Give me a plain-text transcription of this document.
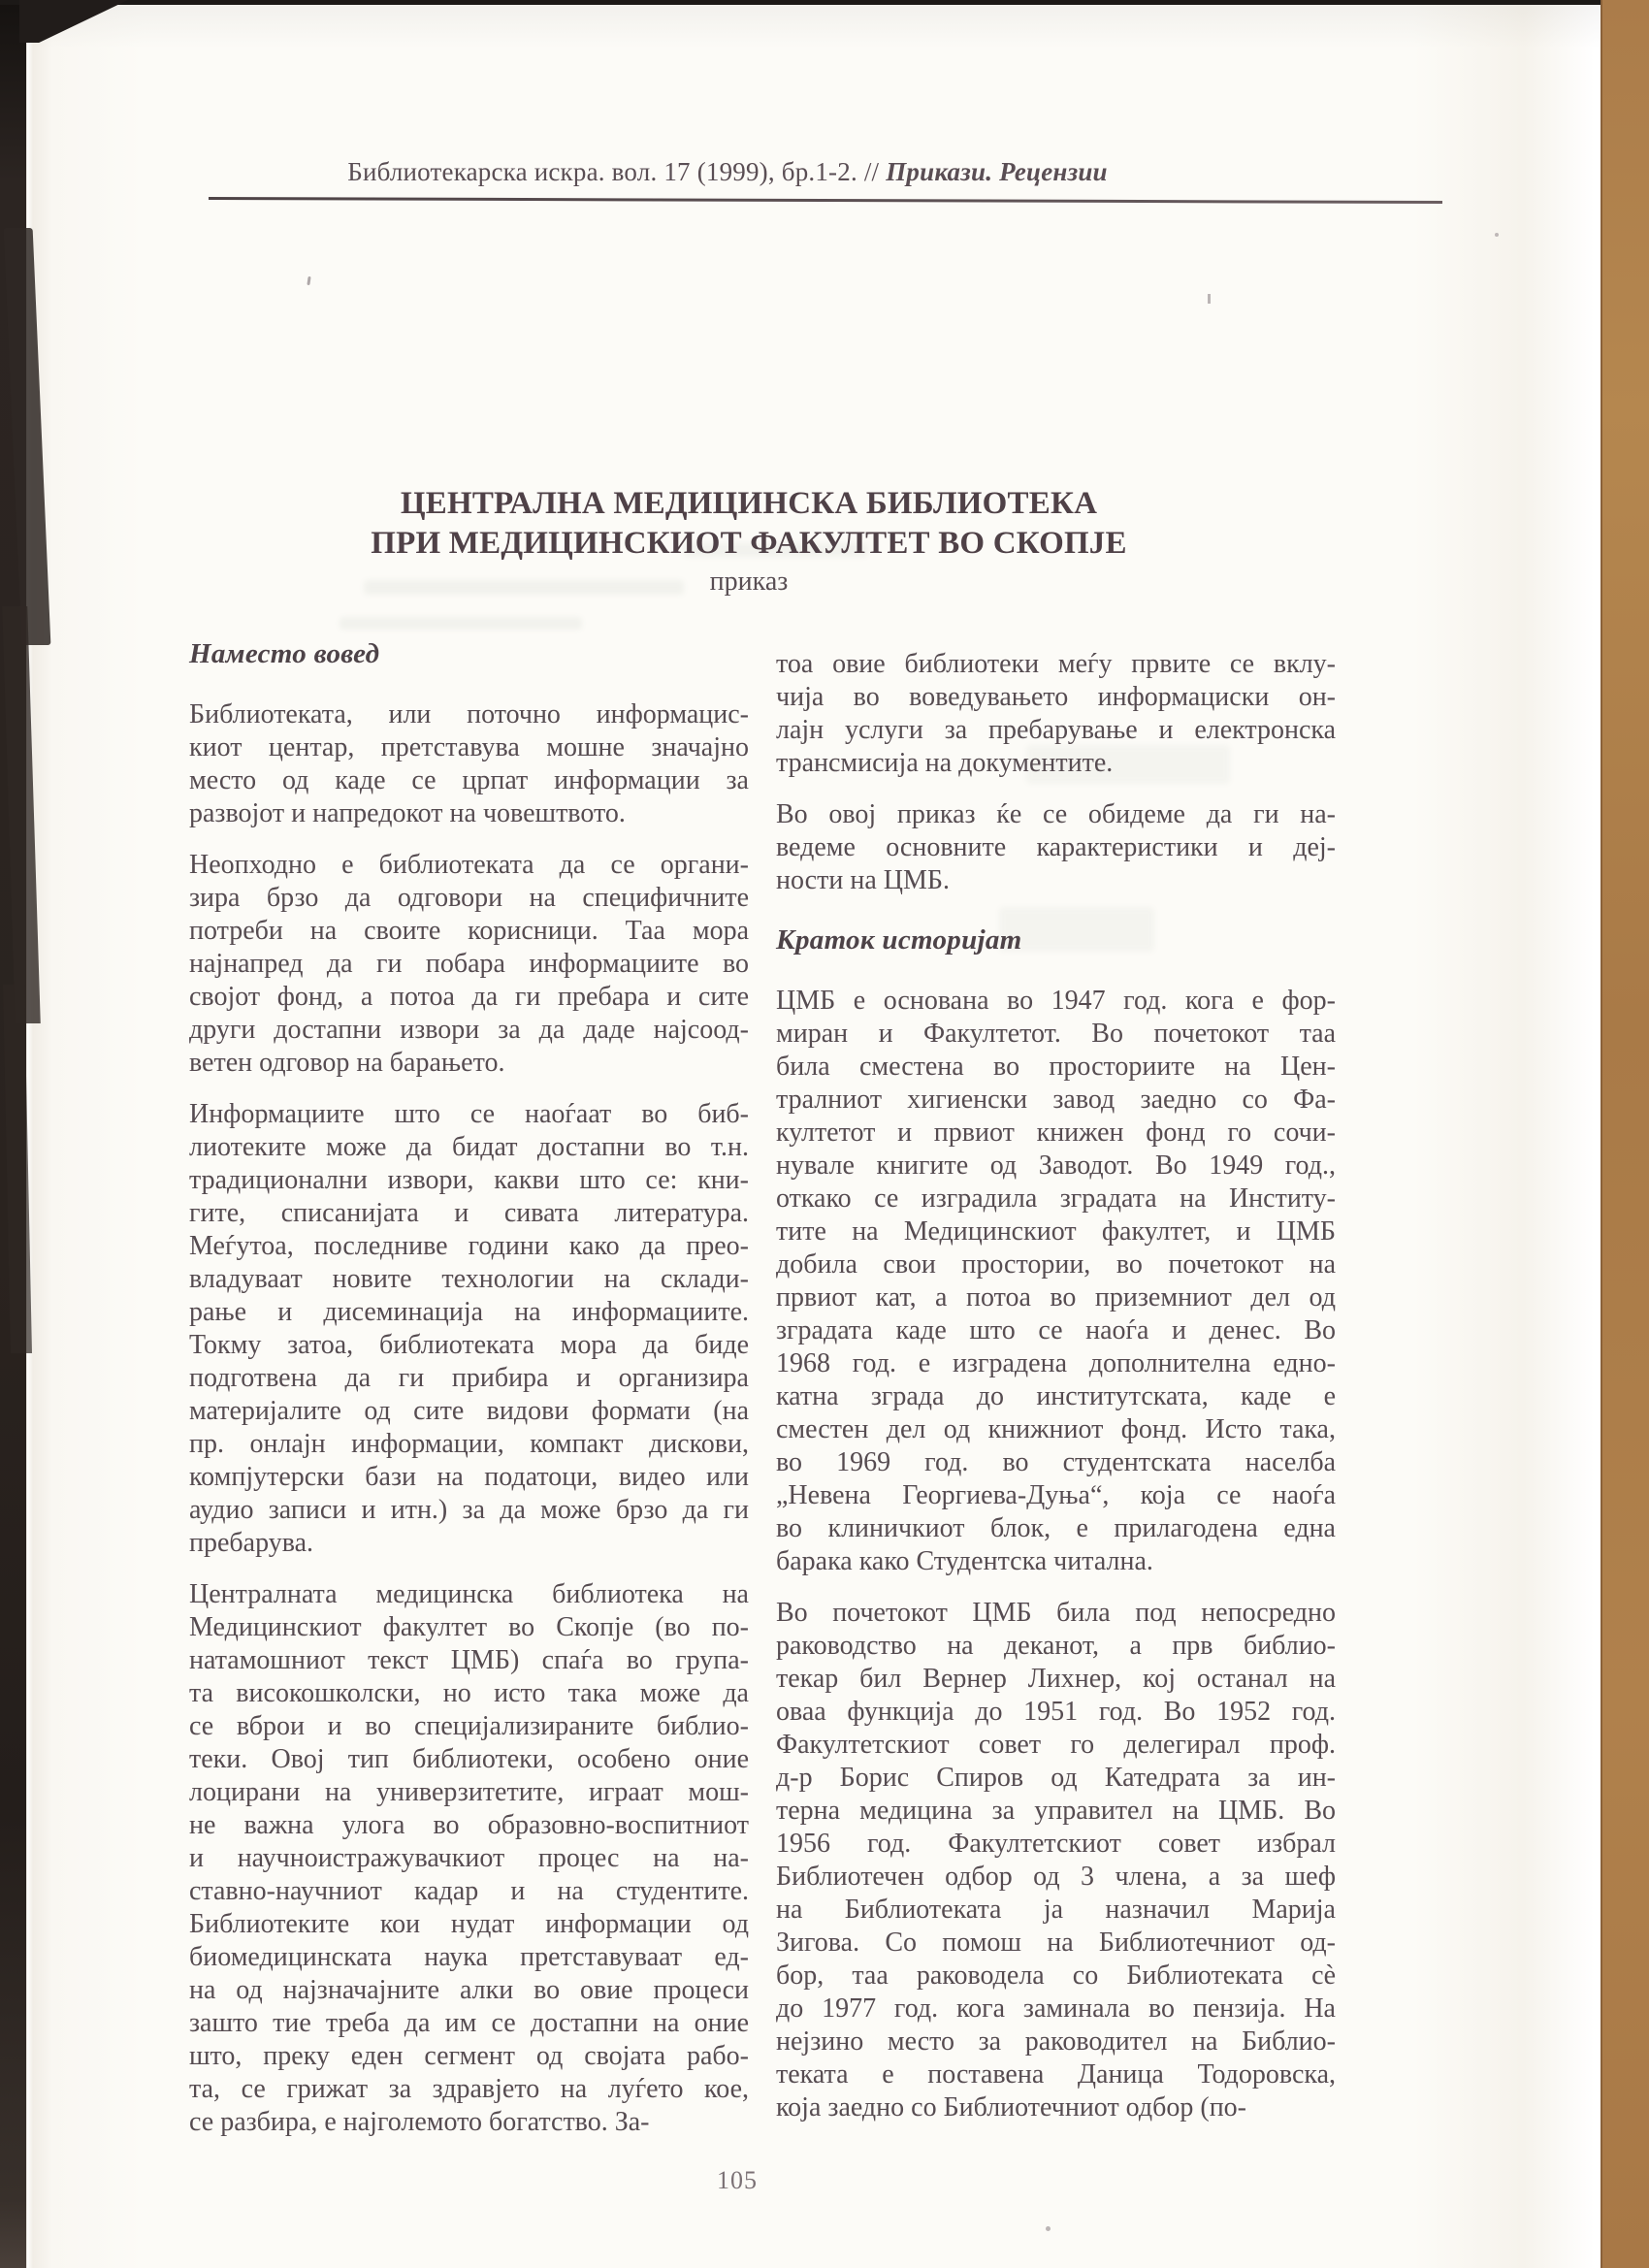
Библиотекарска искра. вол. 17 (1999), бр.1-2. // Прикази. Рецензии
ЦЕНТРАЛНА МЕДИЦИНСКА БИБЛИОТЕКА
ПРИ МЕДИЦИНСКИОТ ФАКУЛТЕТ ВО СКОПЈЕ
приказ
Наместо вовед
Библиотеката, или поточно информацис-
киот центар, претставува мошне значајно
место од каде се црпат информации за
развојот и напредокот на човештвото.
Неопходно е библиотеката да се органи-
зира брзо да одговори на специфичните
потреби на своите корисници. Таа мора
најнапред да ги побара информациите во
својот фонд, а потоа да ги пребара и сите
други достапни извори за да даде најсоод-
ветен одговор на барањето.
Информациите што се наоѓаат во биб-
лиотеките може да бидат достапни во т.н.
традиционални извори, какви што се: кни-
гите, списанијата и сивата литература.
Меѓутоа, последниве години како да прео-
владуваат новите технологии на склади-
рање и дисеминација на информациите.
Токму затоа, библиотеката мора да биде
подготвена да ги прибира и организира
материјалите од сите видови формати (на
пр. онлајн информации, компакт дискови,
компјутерски бази на податоци, видео или
аудио записи и итн.) за да може брзо да ги
пребарува.
Централната медицинска библиотека на
Медицинскиот факултет во Скопје (во по-
натамошниот текст ЦМБ) спаѓа во група-
та високошколски, но исто така може да
се вброи и во специјализираните библио-
теки. Овој тип библиотеки, особено оние
лоцирани на универзитетите, играат мош-
не важна улога во образовно-воспитниот
и научноистражувачкиот процес на на-
ставно-научниот кадар и на студентите.
Библиотеките кои нудат информации од
биомедицинската наука претставуваат ед-
на од најзначајните алки во овие процеси
зашто тие треба да им се достапни на оние
што, преку еден сегмент од својата рабо-
та, се грижат за здравјето на луѓето кое,
се разбира, е најголемото богатство. За-
тоа овие библиотеки меѓу првите се вклу-
чија во воведувањето информациски он-
лајн услуги за пребарување и електронска
трансмисија на документите.
Во овој приказ ќе се обидеме да ги на-
ведеме основните карактеристики и деј-
ности на ЦМБ.
Краток историјат
ЦМБ е основана во 1947 год. кога е фор-
миран и Факултетот. Во почетокот таа
била сместена во просториите на Цен-
тралниот хигиенски завод заедно со Фа-
култетот и првиот книжен фонд го сочи-
нувале книгите од Заводот. Во 1949 год.,
откако се изградила зградата на Институ-
тите на Медицинскиот факултет, и ЦМБ
добила свои простории, во почетокот на
првиот кат, а потоа во приземниот дел од
зградата каде што се наоѓа и денес. Во
1968 год. е изградена дополнителна едно-
катна зграда до институтската, каде е
сместен дел од книжниот фонд. Исто така,
во 1969 год. во студентската населба
„Невена Георгиева-Дуња“, која се наоѓа
во клиничкиот блок, е прилагодена една
барака како Студентска читална.
Во почетокот ЦМБ била под непосредно
раководство на деканот, а прв библио-
текар бил Вернер Лихнер, кој останал на
оваа функција до 1951 год. Во 1952 год.
Факултетскиот совет го делегирал проф.
д-р Борис Спиров од Катедрата за ин-
терна медицина за управител на ЦМБ. Во
1956 год. Факултетскиот совет избрал
Библиотечен одбор од 3 члена, а за шеф
на Библиотеката ја назначил Марија
Зигова. Со помош на Библиотечниот од-
бор, таа раководела со Библиотеката сè
до 1977 год. кога заминала во пензија. На
нејзино место за раководител на Библио-
теката е поставена Даница Тодоровска,
која заедно со Библиотечниот одбор (по-
105
